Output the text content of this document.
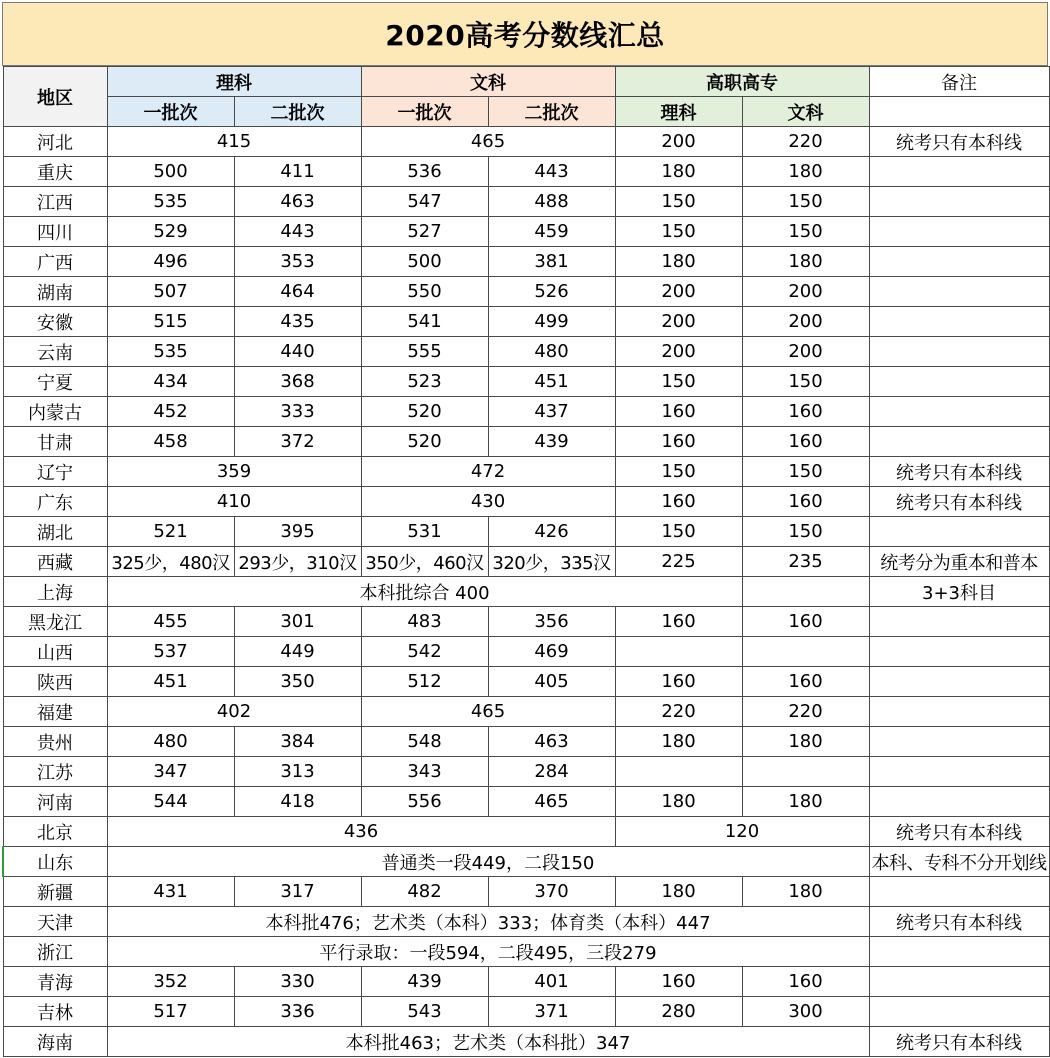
2020高考分数线汇总
地区	理科		文科		高职高专		备注
	一批次	二批次	一批次	二批次	理科	文科	
河北	415		465		200	220	统考只有本科线
重庆	500	411	536	443	180	180	
江西	535	463	547	488	150	150	
四川	529	443	527	459	150	150	
广西	496	353	500	381	180	180	
湖南	507	464	550	526	200	200	
安徽	515	435	541	499	200	200	
云南	535	440	555	480	200	200	
宁夏	434	368	523	451	150	150	
内蒙古	452	333	520	437	160	160	
甘肃	458	372	520	439	160	160	
辽宁	359		472		150	150	统考只有本科线
广东	410		430		160	160	统考只有本科线
湖北	521	395	531	426	150	150	
西藏	325少，480汉	293少，310汉	350少，460汉	320少，335汉	225	235	统考分为重本和普本
上海	本科批综合 400						3+3科目
黑龙江	455	301	483	356	160	160	
山西	537	449	542	469			
陕西	451	350	512	405	160	160	
福建	402		465		220	220	
贵州	480	384	548	463	180	180	
江苏	347	313	343	284			
河南	544	418	556	465	180	180	
北京	436				120		统考只有本科线
山东	普通类一段449，二段150						本科、专科不分开划线
新疆	431	317	482	370	180	180	
天津	本科批476；艺术类（本科）333；体育类（本科）447						统考只有本科线
浙江	平行录取：一段594，二段495，三段279						
青海	352	330	439	401	160	160	
吉林	517	336	543	371	280	300	
海南	本科批463；艺术类（本科批）347						统考只有本科线
